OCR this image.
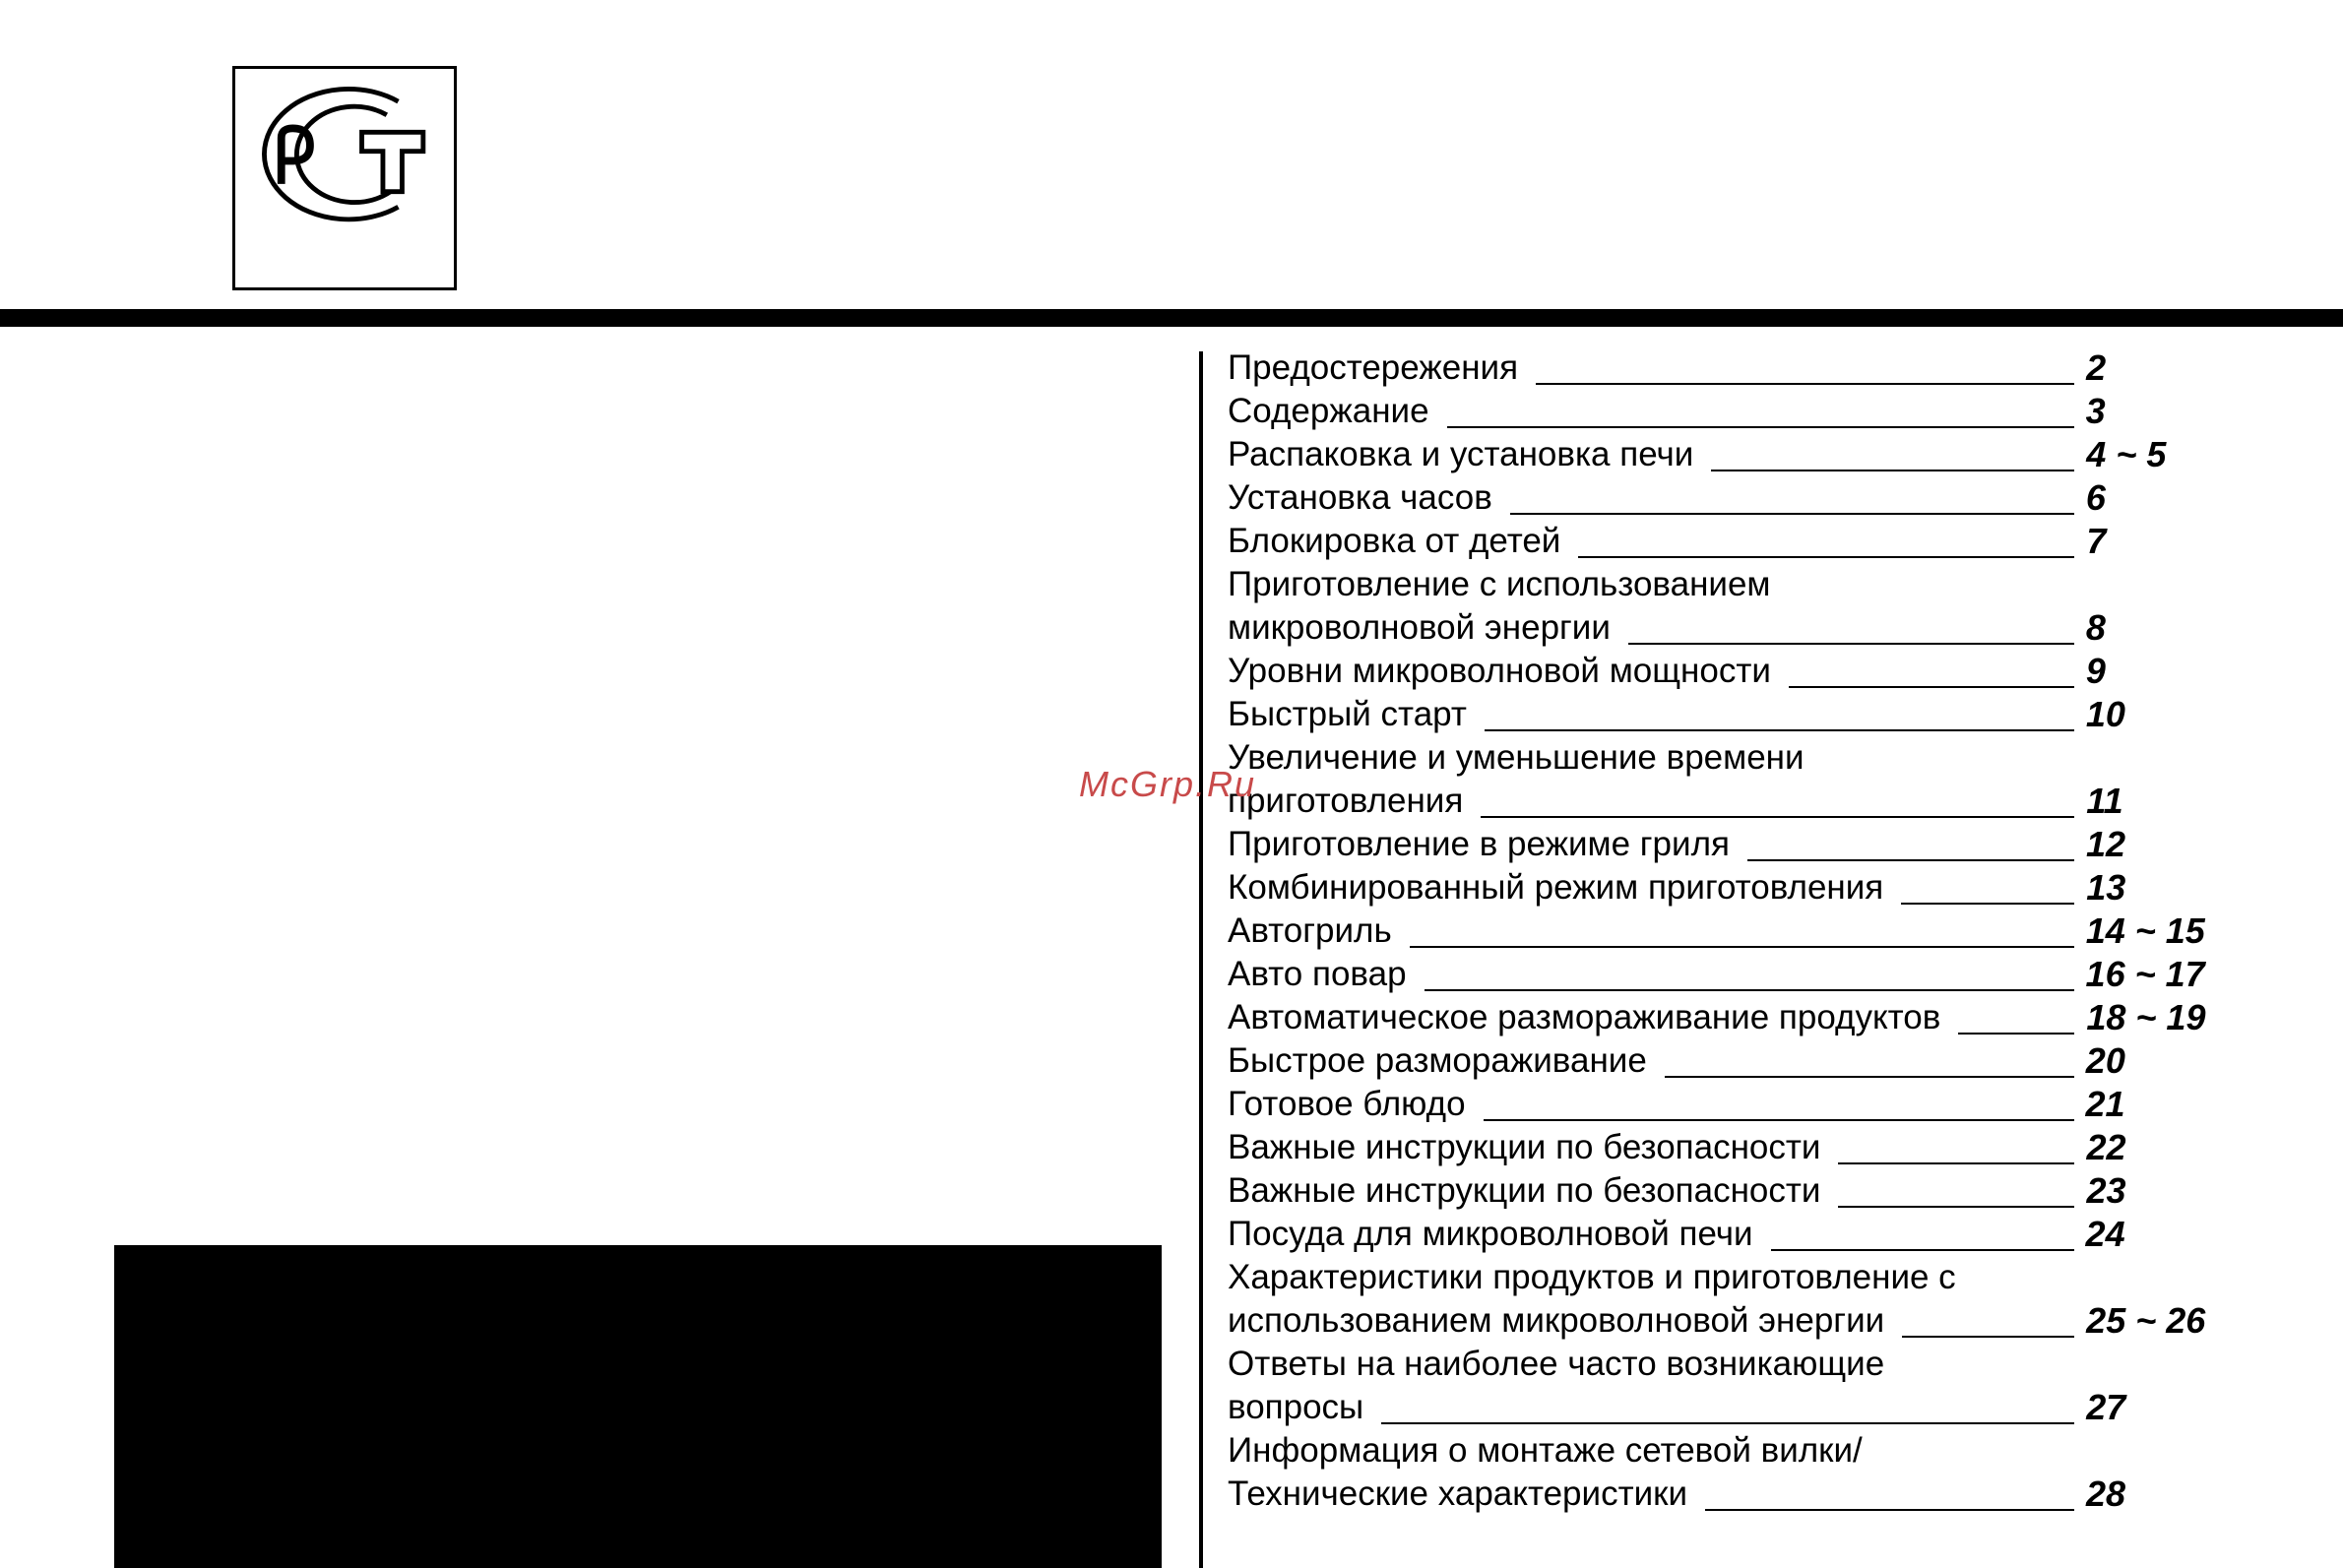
Предостережения	2
Содержание	3
Распаковка и установка печи	4 ~ 5
Установка часов	6
Блокировка от детей	7
Приготовление с использованием
микроволновой энергии	8
Уровни микроволновой мощности	9
Быстрый старт	10
Увеличение и уменьшение времени
приготовления	11
Приготовление в режиме гриля	12
Комбинированный режим приготовления	13
Автогриль	14 ~ 15
Авто повар	16 ~ 17
Автоматическое размораживание продуктов	18 ~ 19
Быстрое размораживание	20
Готовое блюдо	21
Важные инструкции по безопасности	22
Важные инструкции по безопасности	23
Посуда для микроволновой печи	24
Характеристики продуктов и приготовление с
использованием микроволновой энергии	25 ~ 26
Ответы на наиболее часто возникающие
вопросы	27
Информация о монтаже сетевой вилки/
Технические характеристики	28
McGrp.Ru
